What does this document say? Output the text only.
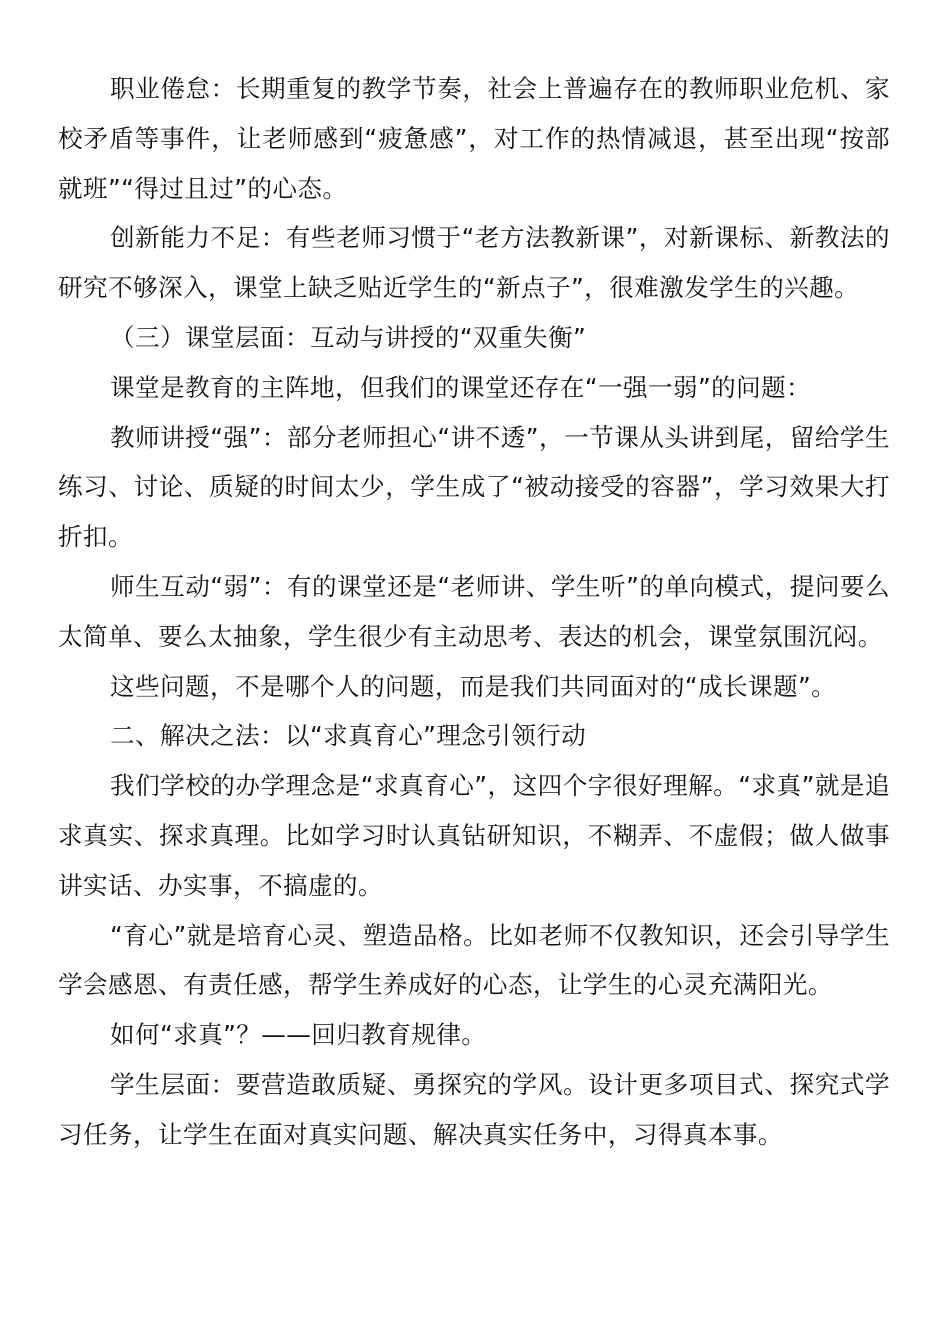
职业倦怠：长期重复的教学节奏，社会上普遍存在的教师职业危机、家校矛盾等事件，让老师感到“疲惫感”，对工作的热情减退，甚至出现“按部就班”“得过且过”的心态。

创新能力不足：有些老师习惯于“老方法教新课”，对新课标、新教法的研究不够深入，课堂上缺乏贴近学生的“新点子”，很难激发学生的兴趣。

（三）课堂层面：互动与讲授的“双重失衡”

课堂是教育的主阵地，但我们的课堂还存在“一强一弱”的问题：

教师讲授“强”：部分老师担心“讲不透”，一节课从头讲到尾，留给学生练习、讨论、质疑的时间太少，学生成了“被动接受的容器”，学习效果大打折扣。

师生互动“弱”：有的课堂还是“老师讲、学生听”的单向模式，提问要么太简单、要么太抽象，学生很少有主动思考、表达的机会，课堂氛围沉闷。

这些问题，不是哪个人的问题，而是我们共同面对的“成长课题”。

二、解决之法：以“求真育心”理念引领行动

我们学校的办学理念是“求真育心”，这四个字很好理解。“求真”就是追求真实、探求真理。比如学习时认真钻研知识，不糊弄、不虚假；做人做事讲实话、办实事，不搞虚的。

“育心”就是培育心灵、塑造品格。比如老师不仅教知识，还会引导学生学会感恩、有责任感，帮学生养成好的心态，让学生的心灵充满阳光。

如何“求真”？——回归教育规律。

学生层面：要营造敢质疑、勇探究的学风。设计更多项目式、探究式学习任务，让学生在面对真实问题、解决真实任务中，习得真本事。
